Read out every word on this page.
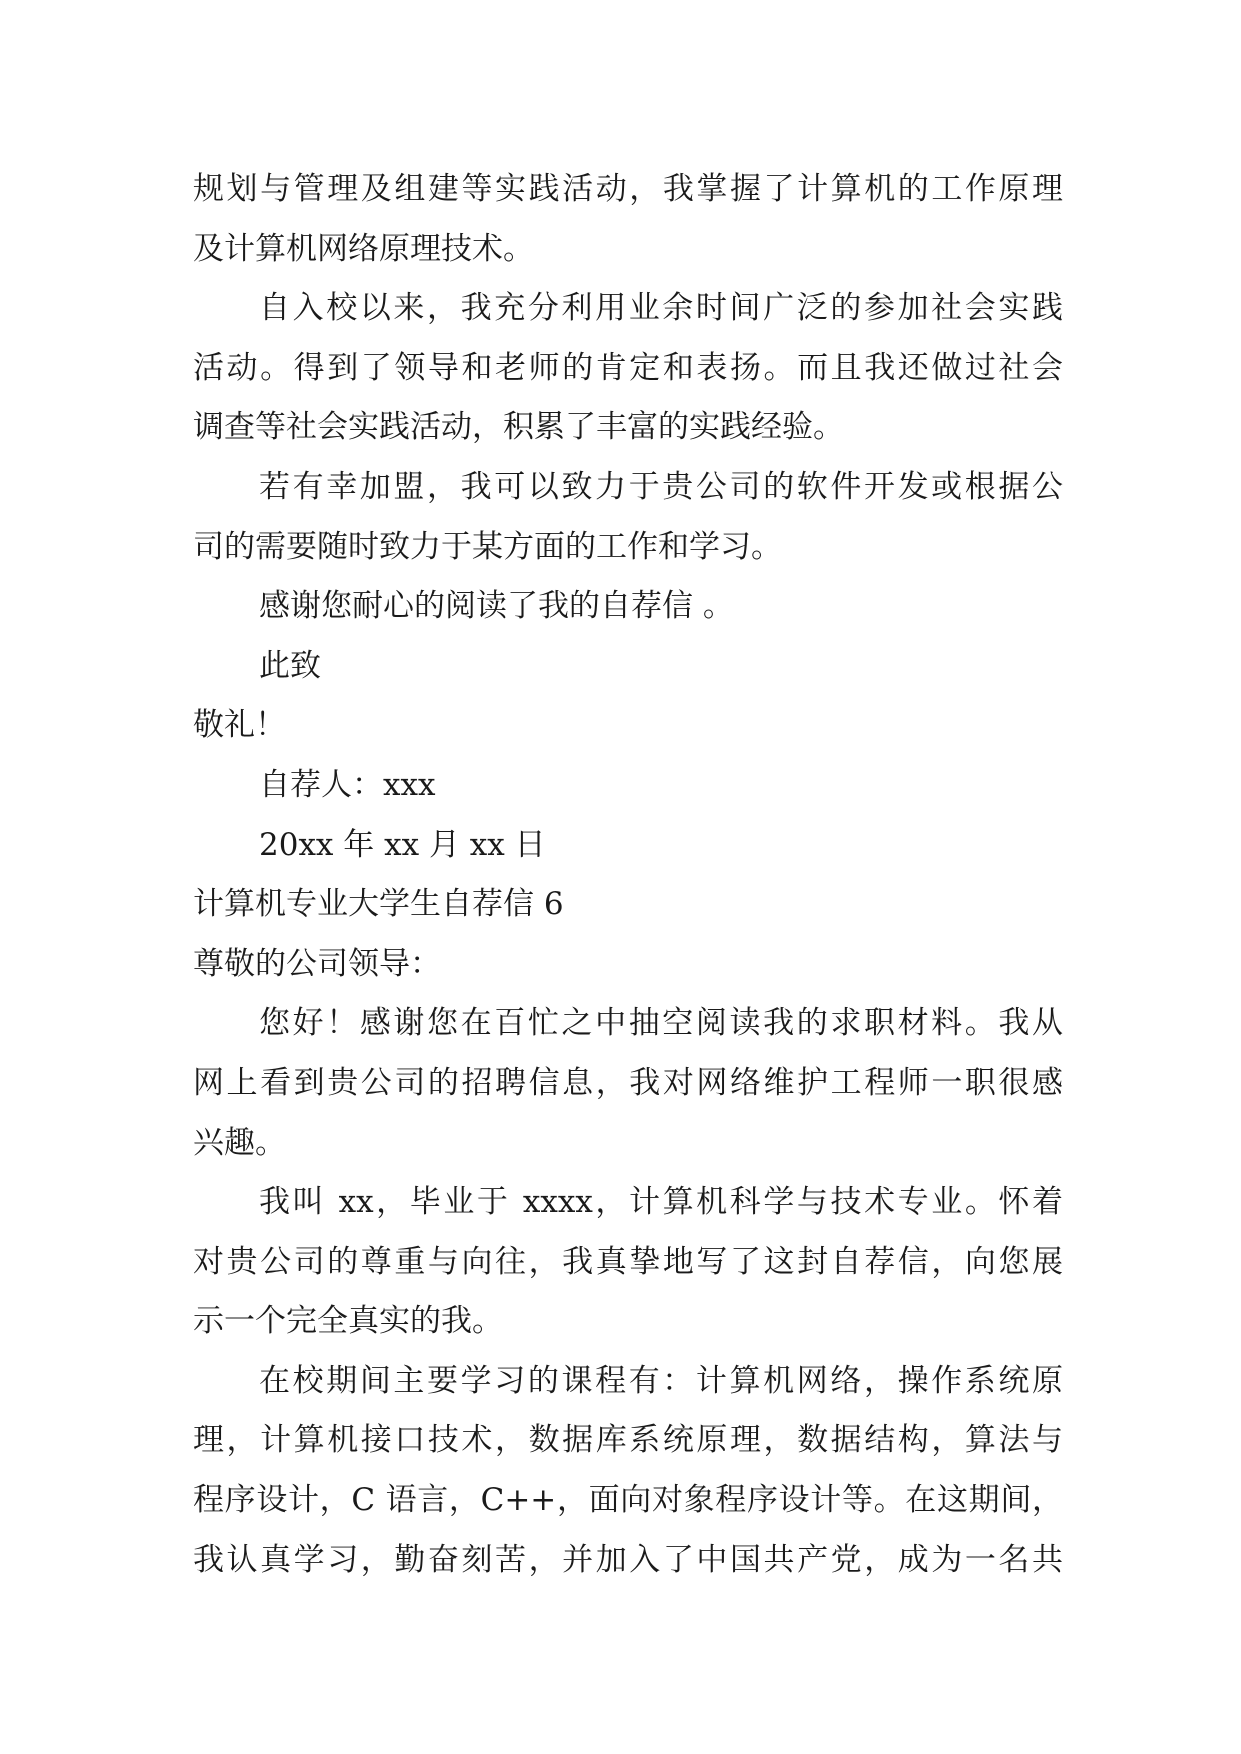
规划与管理及组建等实践活动，我掌握了计算机的工作原理
及计算机网络原理技术。
自入校以来，我充分利用业余时间广泛的参加社会实践
活动。得到了领导和老师的肯定和表扬。而且我还做过社会
调查等社会实践活动，积累了丰富的实践经验。
若有幸加盟，我可以致力于贵公司的软件开发或根据公
司的需要随时致力于某方面的工作和学习。
感谢您耐心的阅读了我的自荐信 。
此致
敬礼！
自荐人：xxx
20xx 年 xx 月 xx 日
计算机专业大学生自荐信 6
尊敬的公司领导：
您好！感谢您在百忙之中抽空阅读我的求职材料。我从
网上看到贵公司的招聘信息，我对网络维护工程师一职很感
兴趣。
我叫 xx，毕业于 xxxx，计算机科学与技术专业。怀着
对贵公司的尊重与向往，我真挚地写了这封自荐信，向您展
示一个完全真实的我。
在校期间主要学习的课程有：计算机网络，操作系统原
理，计算机接口技术，数据库系统原理，数据结构，算法与
程序设计，C 语言，C++，面向对象程序设计等。在这期间，
我认真学习，勤奋刻苦，并加入了中国共产党，成为一名共
